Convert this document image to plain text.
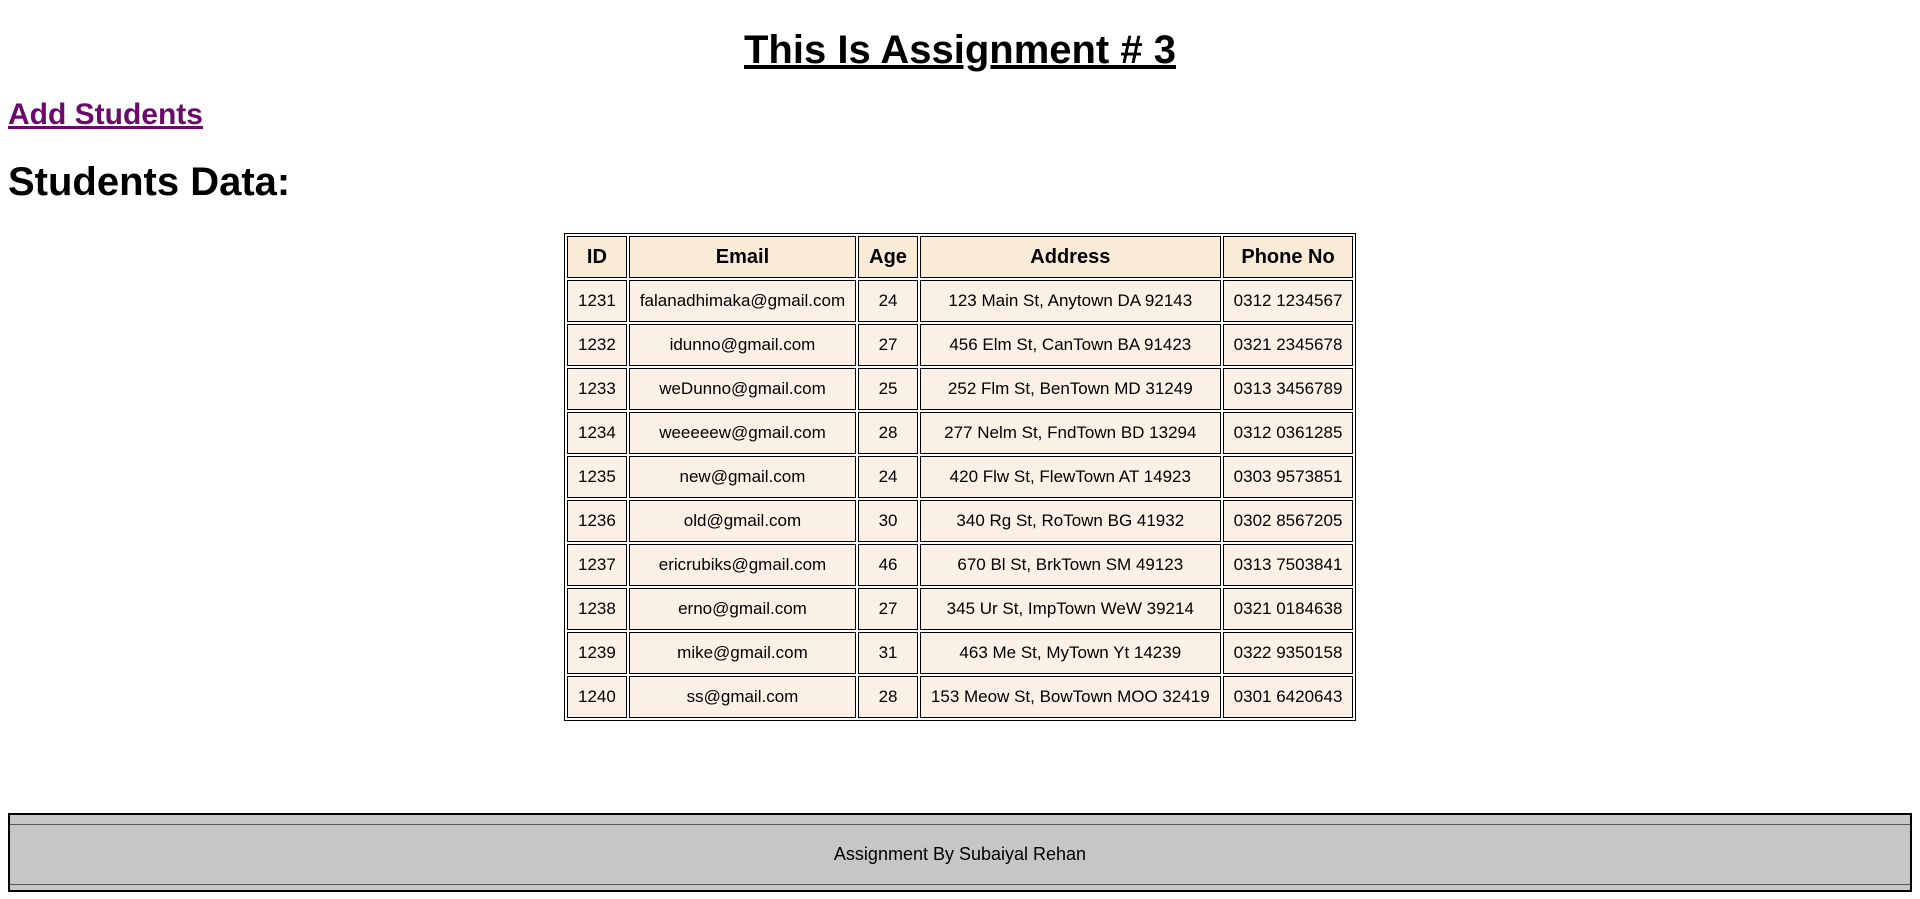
This Is Assignment # 3
Add Students
Students Data:
ID	Email	Age	Address	Phone No
1231	falanadhimaka@gmail.com	24	123 Main St, Anytown DA 92143	0312 1234567
1232	idunno@gmail.com	27	456 Elm St, CanTown BA 91423	0321 2345678
1233	weDunno@gmail.com	25	252 Flm St, BenTown MD 31249	0313 3456789
1234	weeeeew@gmail.com	28	277 Nelm St, FndTown BD 13294	0312 0361285
1235	new@gmail.com	24	420 Flw St, FlewTown AT 14923	0303 9573851
1236	old@gmail.com	30	340 Rg St, RoTown BG 41932	0302 8567205
1237	ericrubiks@gmail.com	46	670 Bl St, BrkTown SM 49123	0313 7503841
1238	erno@gmail.com	27	345 Ur St, ImpTown WeW 39214	0321 0184638
1239	mike@gmail.com	31	463 Me St, MyTown Yt 14239	0322 9350158
1240	ss@gmail.com	28	153 Meow St, BowTown MOO 32419	0301 6420643
Assignment By Subaiyal Rehan
